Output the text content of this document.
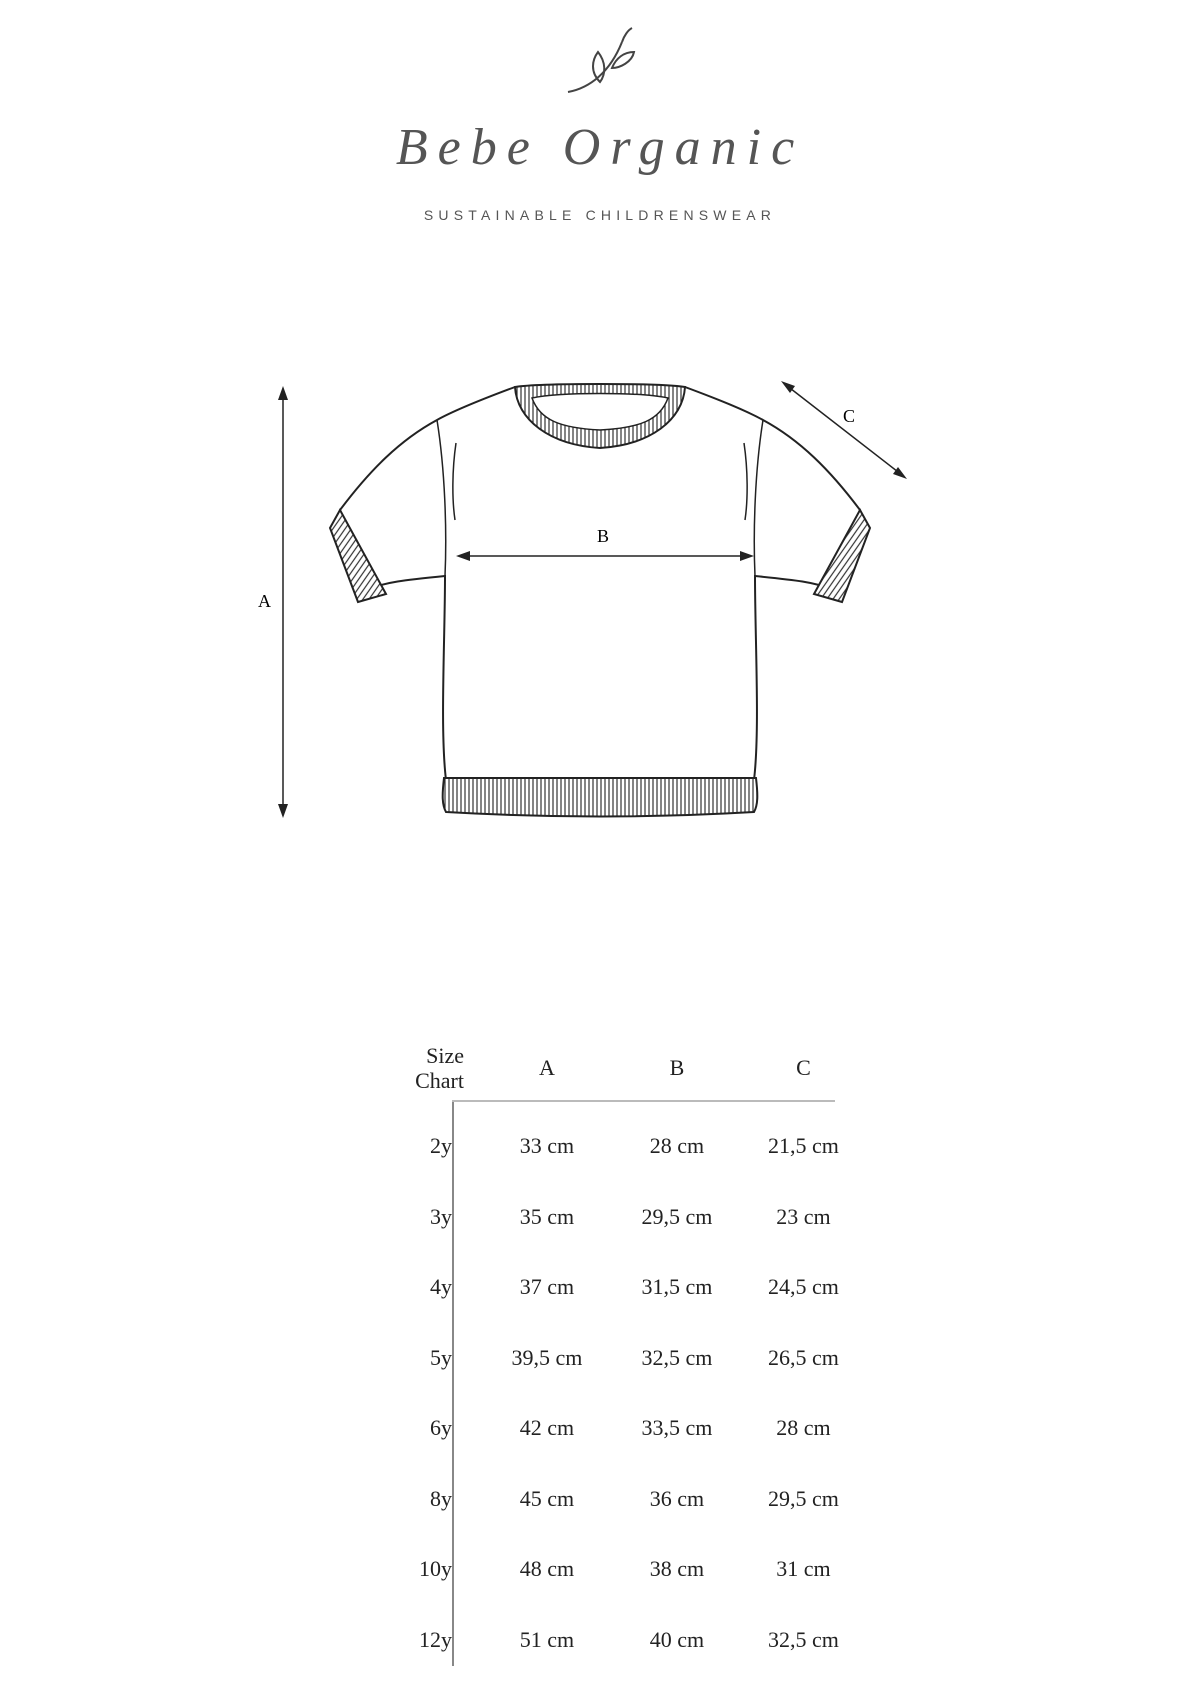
Bebe Organic
SUSTAINABLE CHILDRENSWEAR
A
B
C
Size
Chart	A	B	C
2y	33 cm	28 cm	21,5 cm
3y	35 cm	29,5 cm	23 cm
4y	37 cm	31,5 cm	24,5 cm
5y	39,5 cm	32,5 cm	26,5 cm
6y	42 cm	33,5 cm	28 cm
8y	45 cm	36 cm	29,5 cm
10y	48 cm	38 cm	31 cm
12y	51 cm	40 cm	32,5 cm
